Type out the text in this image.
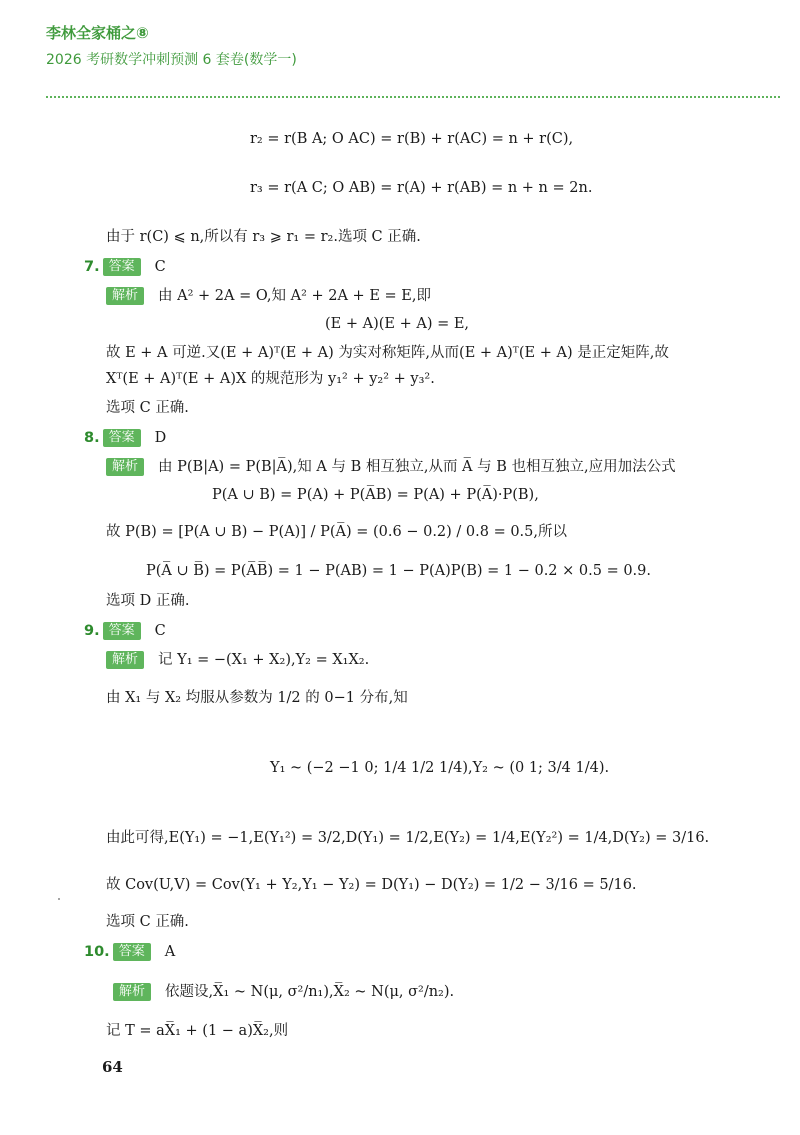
李林全家桶之⑧
2026 考研数学冲刺预测 6 套卷(数学一)
r₂ = r(B A; O AC) = r(B) + r(AC) = n + r(C),
r₃ = r(A C; O AB) = r(A) + r(AB) = n + n = 2n.
由于 r(C) ⩽ n,所以有 r₃ ⩾ r₁ = r₂.选项 C 正确.
7. 答案 C
解析 由 A² + 2A = O,知 A² + 2A + E = E,即
(E + A)(E + A) = E,
故 E + A 可逆.又(E + A)ᵀ(E + A) 为实对称矩阵,从而(E + A)ᵀ(E + A) 是正定矩阵,故
Xᵀ(E + A)ᵀ(E + A)X 的规范形为 y₁² + y₂² + y₃².
选项 C 正确.
8. 答案 D
解析 由 P(B|A) = P(B|A̅),知 A 与 B 相互独立,从而 A̅ 与 B 也相互独立,应用加法公式
P(A ∪ B) = P(A) + P(A̅B) = P(A) + P(A̅)·P(B),
故 P(B) = [P(A ∪ B) − P(A)] / P(A̅) = (0.6 − 0.2) / 0.8 = 0.5,所以
P(A̅ ∪ B̅) = P(A̅B̅) = 1 − P(AB) = 1 − P(A)P(B) = 1 − 0.2 × 0.5 = 0.9.
选项 D 正确.
9. 答案 C
解析 记 Y₁ = −(X₁ + X₂),Y₂ = X₁X₂.
由 X₁ 与 X₂ 均服从参数为 1/2 的 0−1 分布,知
Y₁ ~ (−2 −1 0; 1/4 1/2 1/4),Y₂ ~ (0 1; 3/4 1/4).
由此可得,E(Y₁) = −1,E(Y₁²) = 3/2,D(Y₁) = 1/2,E(Y₂) = 1/4,E(Y₂²) = 1/4,D(Y₂) = 3/16.
故 Cov(U,V) = Cov(Y₁ + Y₂,Y₁ − Y₂) = D(Y₁) − D(Y₂) = 1/2 − 3/16 = 5/16.
选项 C 正确.
10. 答案 A
解析 依题设,X̅₁ ~ N(μ, σ²/n₁),X̅₂ ~ N(μ, σ²/n₂).
记 T = aX̅₁ + (1 − a)X̅₂,则
64
